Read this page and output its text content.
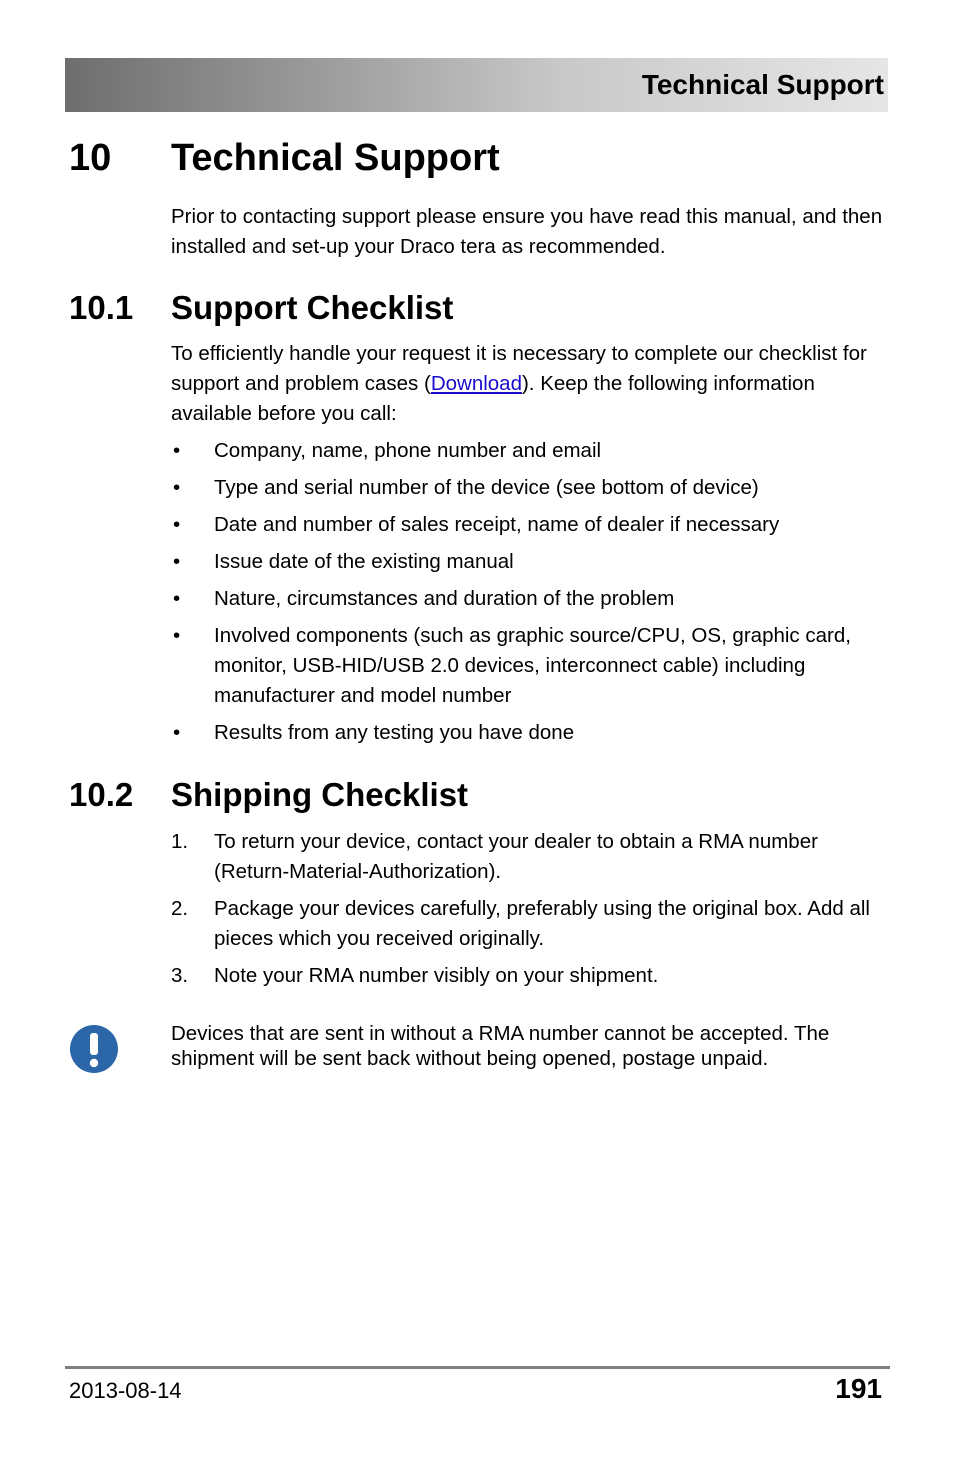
Technical Support
10 Technical Support
Prior to contacting support please ensure you have read this manual, and then installed and set-up your Draco tera as recommended.
10.1 Support Checklist
To efficiently handle your request it is necessary to complete our checklist for support and problem cases (Download). Keep the following information available before you call:
• Company, name, phone number and email
• Type and serial number of the device (see bottom of device)
• Date and number of sales receipt, name of dealer if necessary
• Issue date of the existing manual
• Nature, circumstances and duration of the problem
• Involved components (such as graphic source/CPU, OS, graphic card, monitor, USB-HID/USB 2.0 devices, interconnect cable) including manufacturer and model number
• Results from any testing you have done
10.2 Shipping Checklist
1. To return your device, contact your dealer to obtain a RMA number (Return-Material-Authorization).
2. Package your devices carefully, preferably using the original box. Add all pieces which you received originally.
3. Note your RMA number visibly on your shipment.
Devices that are sent in without a RMA number cannot be accepted. The shipment will be sent back without being opened, postage unpaid.
2013-08-14	191
